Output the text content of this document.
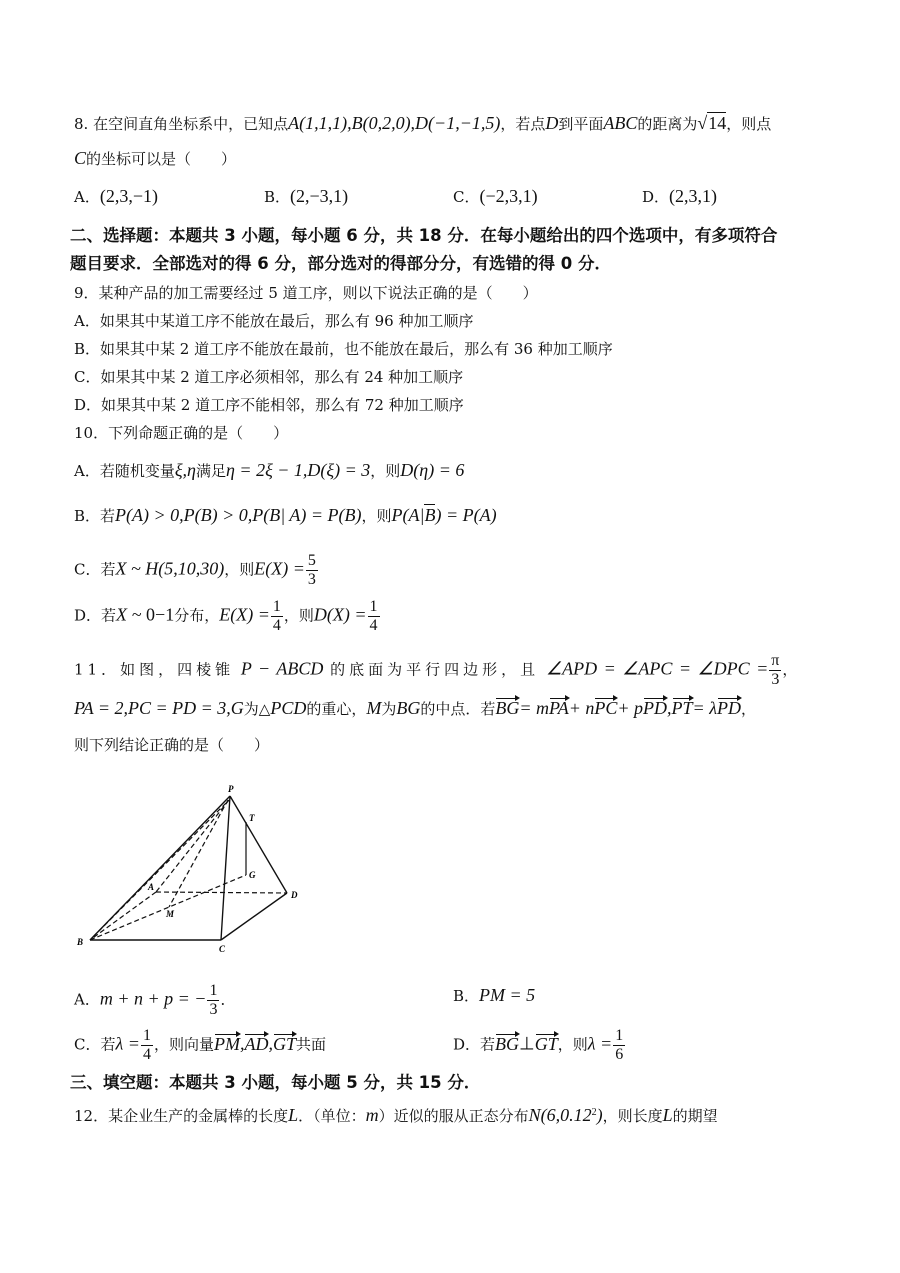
8. 在空间直角坐标系中，已知点A(1,1,1),B(0,2,0),D(−1,−1,5)，若点D到平面ABC的距离为√14，则点
C的坐标可以是（　　）
A．(2,3,−1)	B．(2,−3,1)	C．(−2,3,1)	D．(2,3,1)
二、选择题：本题共 3 小题，每小题 6 分，共 18 分．在每小题给出的四个选项中，有多项符合
题目要求．全部选对的得 6 分，部分选对的得部分分，有选错的得 0 分．
9．某种产品的加工需要经过 5 道工序，则以下说法正确的是（　　）
A．如果其中某道工序不能放在最后，那么有 96 种加工顺序
B．如果其中某 2 道工序不能放在最前，也不能放在最后，那么有 36 种加工顺序
C．如果其中某 2 道工序必须相邻，那么有 24 种加工顺序
D．如果其中某 2 道工序不能相邻，那么有 72 种加工顺序
10．下列命题正确的是（　　）
A．若随机变量ξ,η满足η = 2ξ − 1,D(ξ) = 3，则D(η) = 6
B．若P(A) > 0,P(B) > 0,P(B| A) = P(B)，则P(A|B) = P(A)
C．若X ~ H(5,10,30)，则$E(X) = \frac{5}{3}$
D．若X ~ 0−1分布，$E(X) = \frac{1}{4}$ ，则$D(X) = \frac{1}{4}$
11．如图，四棱锥 P − ABCD 的底面为平行四边形，且 ∠APD = ∠APC = ∠DPC = $\frac{\pi}{3}$ ，
PA = 2,PC = PD = 3,G为△PCD的重心，M为BG的中点．若BG= mPA+ nPC+ pPD,PT= λPD，
则下列结论正确的是（　　）
P
T
G
A
D
M
B
C
A．m + n + p = − $\frac{1}{3}$ ．	B．PM = 5
C．若$\lambda = \frac{1}{4}$ ，则向量PM,AD,GT共面	D．若BG⊥GT，则$\lambda = \frac{1}{6}$
三、填空题：本题共 3 小题，每小题 5 分，共 15 分．
12．某企业生产的金属棒的长度L．（单位：m）近似的服从正态分布N(6,0.12$^2$)，则长度L的期望
